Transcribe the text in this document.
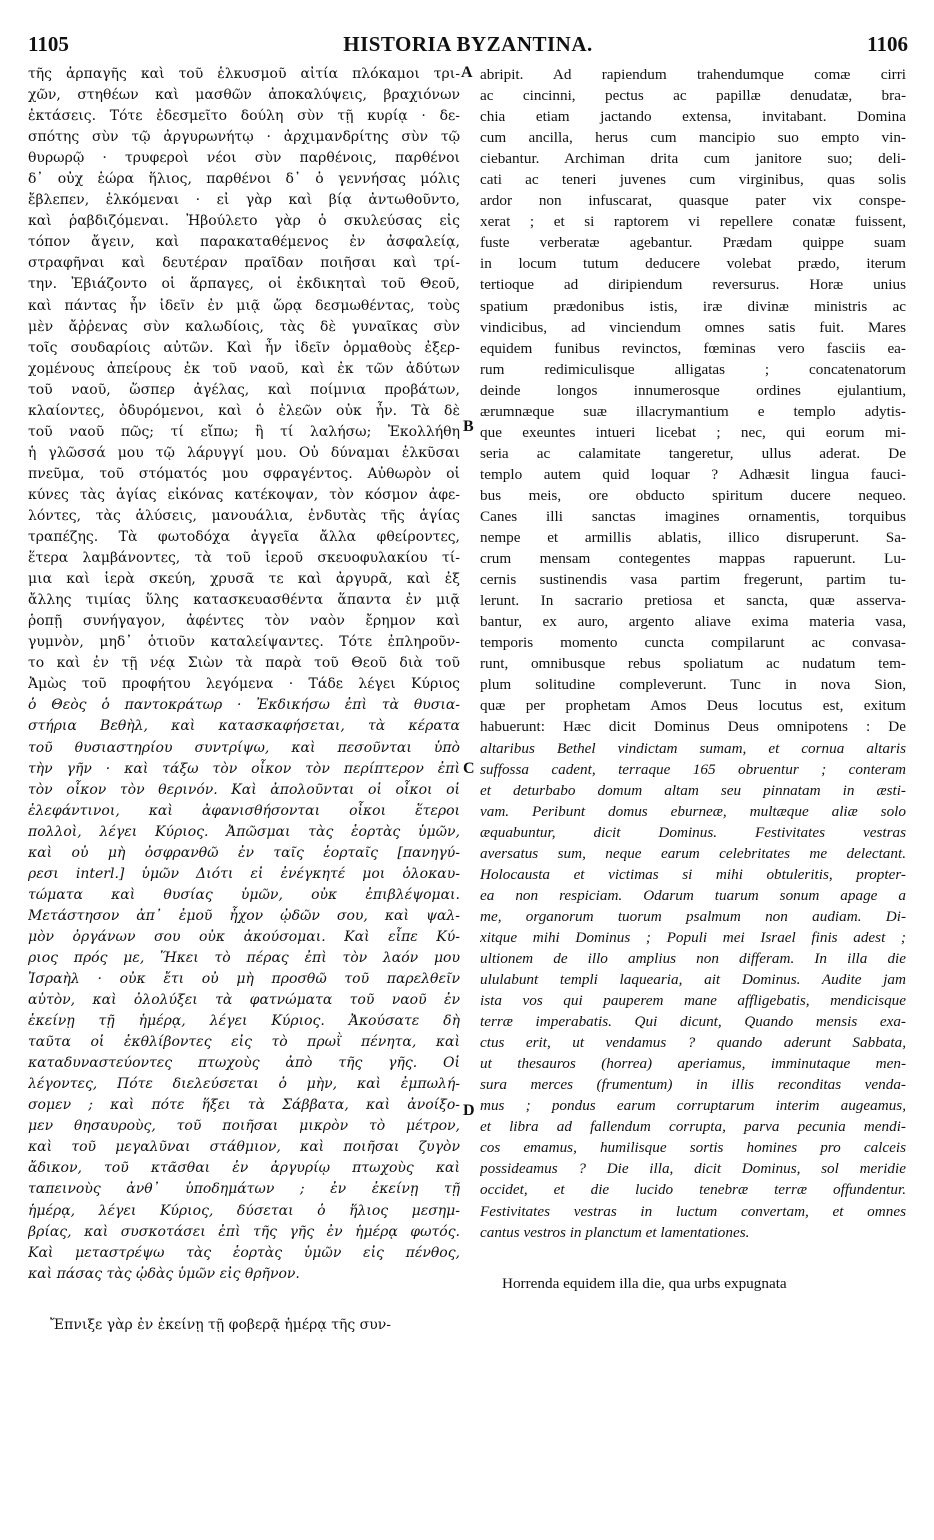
1105	HISTORIA BYZANTINA.	1106
τῆς ἁρπαγῆς καὶ τοῦ ἑλκυσμοῦ αἰτία πλόκαμοι τρι-
χῶν, στηθέων καὶ μασθῶν ἀποκαλύψεις, βραχιόνων
ἐκτάσεις. Τότε ἐδεσμεῖτο δούλη σὺν τῇ κυρίᾳ · δε-
σπότης σὺν τῷ ἀργυρωνήτῳ · ἀρχιμανδρίτης σὺν τῷ
θυρωρῷ · τρυφεροὶ νέοι σὺν παρθένοις, παρθένοι
δ᾽ οὐχ ἑώρα ἥλιος, παρθένοι δ᾽ ὁ γεννήσας μόλις
ἔβλεπεν, ἑλκόμεναι · εἰ γὰρ καὶ βίᾳ ἀντωθοῦντο,
καὶ ῥαβδιζόμεναι. Ἠβούλετο γὰρ ὁ σκυλεύσας εἰς
τόπον ἄγειν, καὶ παρακαταθέμενος ἐν ἀσφαλείᾳ,
στραφῆναι καὶ δευτέραν πραῖδαν ποιῆσαι καὶ τρί-
την. Ἐβιάζοντο οἱ ἅρπαγες, οἱ ἐκδικηταὶ τοῦ Θεοῦ,
καὶ πάντας ἦν ἰδεῖν ἐν μιᾷ ὥρᾳ δεσμωθέντας, τοὺς
μὲν ἄῤῥενας σὺν καλωδίοις, τὰς δὲ γυναῖκας σὺν
τοῖς σουδαρίοις αὐτῶν. Καὶ ἦν ἰδεῖν ὁρμαθοὺς ἐξερ-
χομένους ἀπείρους ἐκ τοῦ ναοῦ, καὶ ἐκ τῶν ἀδύτων
τοῦ ναοῦ, ὥσπερ ἀγέλας, καὶ ποίμνια προβάτων,
κλαίοντες, ὀδυρόμενοι, καὶ ὁ ἐλεῶν οὐκ ἦν. Τὰ δὲ
τοῦ ναοῦ πῶς; τί εἴπω; ἢ τί λαλήσω; Ἐκολλήθη
ἡ γλῶσσά μου τῷ λάρυγγί μου. Οὐ δύναμαι ἑλκῦσαι
πνεῦμα, τοῦ στόματός μου σφραγέντος. Αὐθωρὸν οἱ
κύνες τὰς ἁγίας εἰκόνας κατέκοψαν, τὸν κόσμον ἀφε-
λόντες, τὰς ἁλύσεις, μανουάλια, ἐνδυτὰς τῆς ἁγίας
τραπέζης. Τὰ φωτοδόχα ἀγγεῖα ἄλλα φθείροντες,
ἕτερα λαμβάνοντες, τὰ τοῦ ἱεροῦ σκευοφυλακίου τί-
μια καὶ ἱερὰ σκεύη, χρυσᾶ τε καὶ ἀργυρᾶ, καὶ ἐξ
ἄλλης τιμίας ὕλης κατασκευασθέντα ἅπαντα ἐν μιᾷ
ῥοπῇ συνήγαγον, ἀφέντες τὸν ναὸν ἔρημον καὶ
γυμνὸν, μηδ᾽ ὁτιοῦν καταλείψαντες. Τότε ἐπληροῦν-
το καὶ ἐν τῇ νέᾳ Σιὼν τὰ παρὰ τοῦ Θεοῦ διὰ τοῦ
Ἀμὼς τοῦ προφήτου λεγόμενα · Τάδε λέγει Κύριος
ὁ Θεὸς ὁ παντοκράτωρ · Ἐκδικήσω ἐπὶ τὰ θυσια-
στήρια Βεθὴλ, καὶ κατασκαφήσεται, τὰ κέρατα
τοῦ θυσιαστηρίου συντρίψω, καὶ πεσοῦνται ὑπὸ
τὴν γῆν · καὶ τάξω τὸν οἶκον τὸν περίπτερον ἐπὶ
τὸν οἶκον τὸν θερινόν. Καὶ ἀπολοῦνται οἱ οἶκοι οἱ
ἐλεφάντινοι, καὶ ἀφανισθήσονται οἶκοι ἕτεροι
πολλοὶ, λέγει Κύριος. Ἀπῶσμαι τὰς ἑορτὰς ὑμῶν,
καὶ οὐ μὴ ὀσφρανθῶ ἐν ταῖς ἑορταῖς [πανηγύ-
ρεσι interl.] ὑμῶν Διότι εἰ ἐνέγκητέ μοι ὁλοκαυ-
τώματα καὶ θυσίας ὑμῶν, οὐκ ἐπιβλέψομαι.
Μετάστησον ἀπ᾽ ἐμοῦ ἦχον ᾠδῶν σου, καὶ ψαλ-
μὸν ὀργάνων σου οὐκ ἀκούσομαι. Καὶ εἶπε Κύ-
ριος πρός με, Ἥκει τὸ πέρας ἐπὶ τὸν λαόν μου
Ἰσραὴλ · οὐκ ἔτι οὐ μὴ προσθῶ τοῦ παρελθεῖν
αὐτὸν, καὶ ὀλολύξει τὰ φατνώματα τοῦ ναοῦ ἐν
ἐκείνῃ τῇ ἡμέρᾳ, λέγει Κύριος. Ἀκούσατε δὴ
ταῦτα οἱ ἐκθλίβοντες εἰς τὸ πρωῒ πένητα, καὶ
καταδυναστεύοντες πτωχοὺς ἀπὸ τῆς γῆς. Οἱ
λέγοντες, Πότε διελεύσεται ὁ μὴν, καὶ ἐμπωλή-
σομεν ; καὶ πότε ἥξει τὰ Σάββατα, καὶ ἀνοίξο-
μεν θησαυροὺς, τοῦ ποιῆσαι μικρὸν τὸ μέτρον,
καὶ τοῦ μεγαλῦναι στάθμιον, καὶ ποιῆσαι ζυγὸν
ἄδικον, τοῦ κτᾶσθαι ἐν ἀργυρίῳ πτωχοὺς καὶ
ταπεινοὺς ἀνθ᾽ ὑποδημάτων ; ἐν ἐκείνῃ τῇ
ἡμέρᾳ, λέγει Κύριος, δύσεται ὁ ἥλιος μεσημ-
βρίας, καὶ συσκοτάσει ἐπὶ τῆς γῆς ἐν ἡμέρᾳ φωτός.
Καὶ μεταστρέψω τὰς ἑορτὰς ὑμῶν εἰς πένθος,
καὶ πάσας τὰς ᾠδὰς ὑμῶν εἰς θρῆνον.
Ἔπνιξε γὰρ ἐν ἐκείνῃ τῇ φοβερᾷ ἡμέρᾳ τῆς συν-
abripit. Ad rapiendum trahendumque comæ cirri
ac cincinni, pectus ac papillæ denudatæ, bra-
chia etiam jactando extensa, invitabant. Domina
cum ancilla, herus cum mancipio suo empto vin-
ciebantur. Archiman drita cum janitore suo; deli-
cati ac teneri juvenes cum virginibus, quas solis
ardor non infuscarat, quasque pater vix conspe-
xerat ; et si raptorem vi repellere conatæ fuissent,
fuste verberatæ agebantur. Prædam quippe suam
in locum tutum deducere volebat prædo, iterum
tertioque ad diripiendum reversurus. Horæ unius
spatium prædonibus istis, iræ divinæ ministris ac
vindicibus, ad vinciendum omnes satis fuit. Mares
equidem funibus revinctos, fœminas vero fasciis ea-
rum redimiculisque alligatas ; concatenatorum
deinde longos innumerosque ordines ejulantium,
ærumnæque suæ illacrymantium e templo adytis-
que exeuntes intueri licebat ; nec, qui eorum mi-
seria ac calamitate tangeretur, ullus aderat. De
templo autem quid loquar ? Adhæsit lingua fauci-
bus meis, ore obducto spiritum ducere nequeo.
Canes illi sanctas imagines ornamentis, torquibus
nempe et armillis ablatis, illico disruperunt. Sa-
crum mensam contegentes mappas rapuerunt. Lu-
cernis sustinendis vasa partim fregerunt, partim tu-
lerunt. In sacrario pretiosa et sancta, quæ asserva-
bantur, ex auro, argento aliave exima materia vasa,
temporis momento cuncta compilarunt ac convasa-
runt, omnibusque rebus spoliatum ac nudatum tem-
plum solitudine compleverunt. Tunc in nova Sion,
quæ per prophetam Amos Deus locutus est, exitum
habuerunt: Hæc dicit Dominus Deus omnipotens : De
altaribus Bethel vindictam sumam, et cornua altaris
suffossa cadent, terraque 165 obruentur ; conteram
et deturbabo domum altam seu pinnatam in æsti-
vam. Peribunt domus eburneæ, multæque aliæ solo
æquabuntur, dicit Dominus. Festivitates vestras
aversatus sum, neque earum celebritates me delectant.
Holocausta et victimas si mihi obtuleritis, propter-
ea non respiciam. Odarum tuarum sonum apage a
me, organorum tuorum psalmum non audiam. Di-
xitque mihi Dominus ; Populi mei Israel finis adest ;
ultionem de illo amplius non differam. In illa die
ululabunt templi laquearia, ait Dominus. Audite jam
ista vos qui pauperem mane affligebatis, mendicisque
terræ imperabatis. Qui dicunt, Quando mensis exa-
ctus erit, ut vendamus ? quando aderunt Sabbata,
ut thesauros (horrea) aperiamus, imminutaque men-
sura merces (frumentum) in illis reconditas venda-
mus ; pondus earum corruptarum interim augeamus,
et libra ad fallendum corrupta, parva pecunia mendi-
cos emamus, humilisque sortis homines pro calceis
possideamus ? Die illa, dicit Dominus, sol meridie
occidet, et die lucido tenebræ terræ offundentur.
Festivitates vestras in luctum convertam, et omnes
cantus vestros in planctum et lamentationes.
Horrenda equidem illa die, qua urbs expugnata
A
B
C
D
